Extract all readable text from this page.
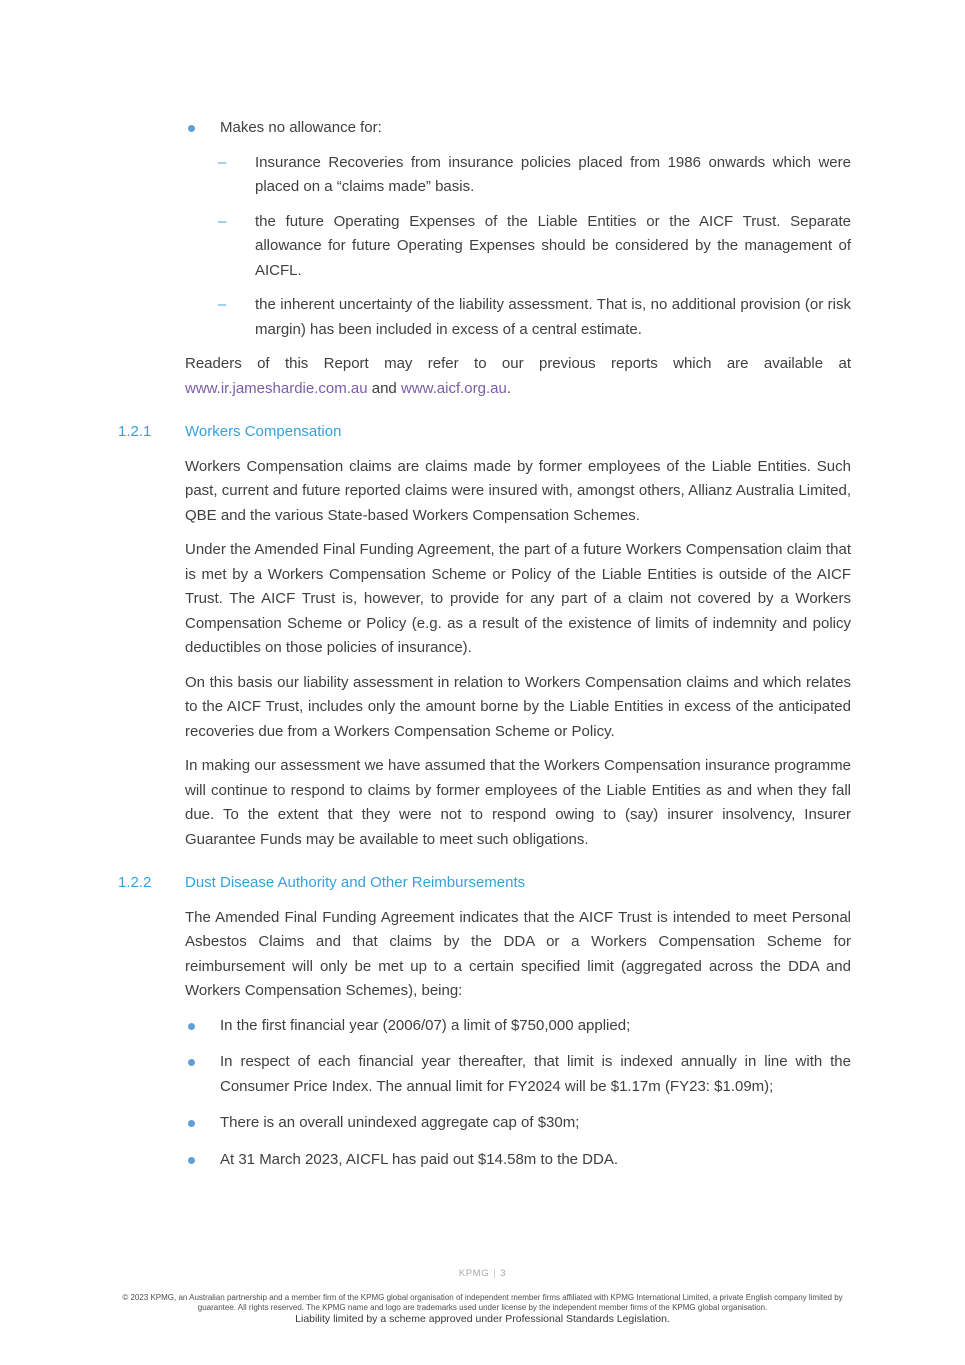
Makes no allowance for:
–	Insurance Recoveries from insurance policies placed from 1986 onwards which were placed on a “claims made” basis.
–	the future Operating Expenses of the Liable Entities or the AICF Trust. Separate allowance for future Operating Expenses should be considered by the management of AICFL.
–	the inherent uncertainty of the liability assessment. That is, no additional provision (or risk margin) has been included in excess of a central estimate.

Readers of this Report may refer to our previous reports which are available at www.ir.jameshardie.com.au and www.aicf.org.au.

1.2.1	Workers Compensation

Workers Compensation claims are claims made by former employees of the Liable Entities. Such past, current and future reported claims were insured with, amongst others, Allianz Australia Limited, QBE and the various State-based Workers Compensation Schemes.

Under the Amended Final Funding Agreement, the part of a future Workers Compensation claim that is met by a Workers Compensation Scheme or Policy of the Liable Entities is outside of the AICF Trust. The AICF Trust is, however, to provide for any part of a claim not covered by a Workers Compensation Scheme or Policy (e.g. as a result of the existence of limits of indemnity and policy deductibles on those policies of insurance).

On this basis our liability assessment in relation to Workers Compensation claims and which relates to the AICF Trust, includes only the amount borne by the Liable Entities in excess of the anticipated recoveries due from a Workers Compensation Scheme or Policy.

In making our assessment we have assumed that the Workers Compensation insurance programme will continue to respond to claims by former employees of the Liable Entities as and when they fall due. To the extent that they were not to respond owing to (say) insurer insolvency, Insurer Guarantee Funds may be available to meet such obligations.

1.2.2	Dust Disease Authority and Other Reimbursements

The Amended Final Funding Agreement indicates that the AICF Trust is intended to meet Personal Asbestos Claims and that claims by the DDA or a Workers Compensation Scheme for reimbursement will only be met up to a certain specified limit (aggregated across the DDA and Workers Compensation Schemes), being:

In the first financial year (2006/07) a limit of $750,000 applied;
In respect of each financial year thereafter, that limit is indexed annually in line with the Consumer Price Index. The annual limit for FY2024 will be $1.17m (FY23: $1.09m);
There is an overall unindexed aggregate cap of $30m;
At 31 March 2023, AICFL has paid out $14.58m to the DDA.
KPMG | 3
© 2023 KPMG, an Australian partnership and a member firm of the KPMG global organisation of independent member firms affiliated with KPMG International Limited, a private English company limited by guarantee. All rights reserved. The KPMG name and logo are trademarks used under license by the independent member firms of the KPMG global organisation.
Liability limited by a scheme approved under Professional Standards Legislation.
